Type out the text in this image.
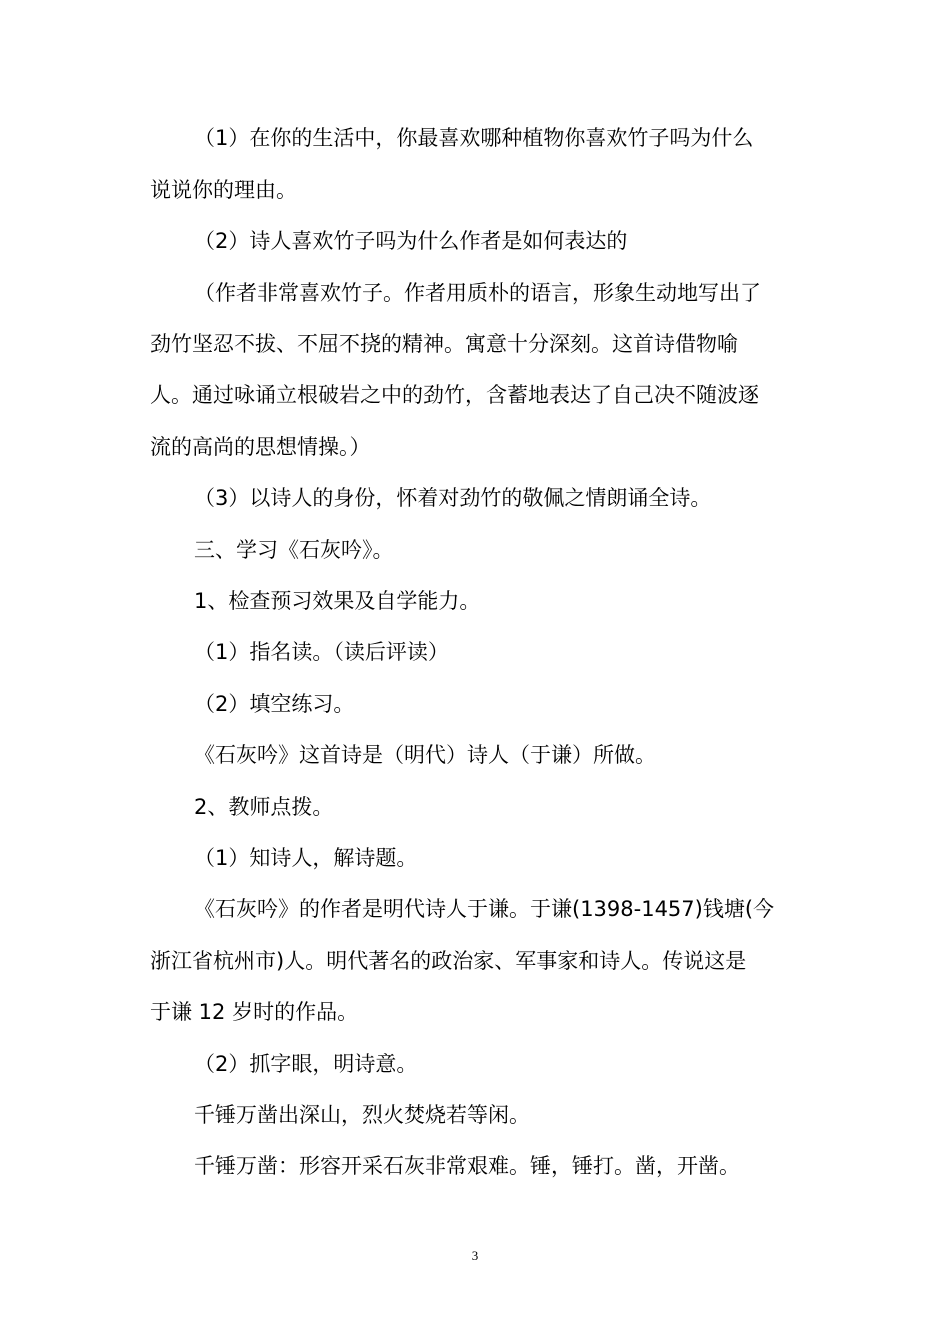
（1）在你的生活中，你最喜欢哪种植物你喜欢竹子吗为什么
说说你的理由。
（2）诗人喜欢竹子吗为什么作者是如何表达的
（作者非常喜欢竹子。作者用质朴的语言，形象生动地写出了
劲竹坚忍不拔、不屈不挠的精神。寓意十分深刻。这首诗借物喻
人。通过咏诵立根破岩之中的劲竹，含蓄地表达了自己决不随波逐
流的高尚的思想情操。）
（3）以诗人的身份，怀着对劲竹的敬佩之情朗诵全诗。
三、学习《石灰吟》。
1、检查预习效果及自学能力。
（1）指名读。（读后评读）
（2）填空练习。
《石灰吟》这首诗是（明代）诗人（于谦）所做。
2、教师点拨。
（1）知诗人，解诗题。
《石灰吟》的作者是明代诗人于谦。于谦(1398-1457)钱塘(今
浙江省杭州市)人。明代著名的政治家、军事家和诗人。传说这是
于谦 12 岁时的作品。
（2）抓字眼，明诗意。
千锤万凿出深山，烈火焚烧若等闲。
千锤万凿：形容开采石灰非常艰难。锤，锤打。凿，开凿。
3
